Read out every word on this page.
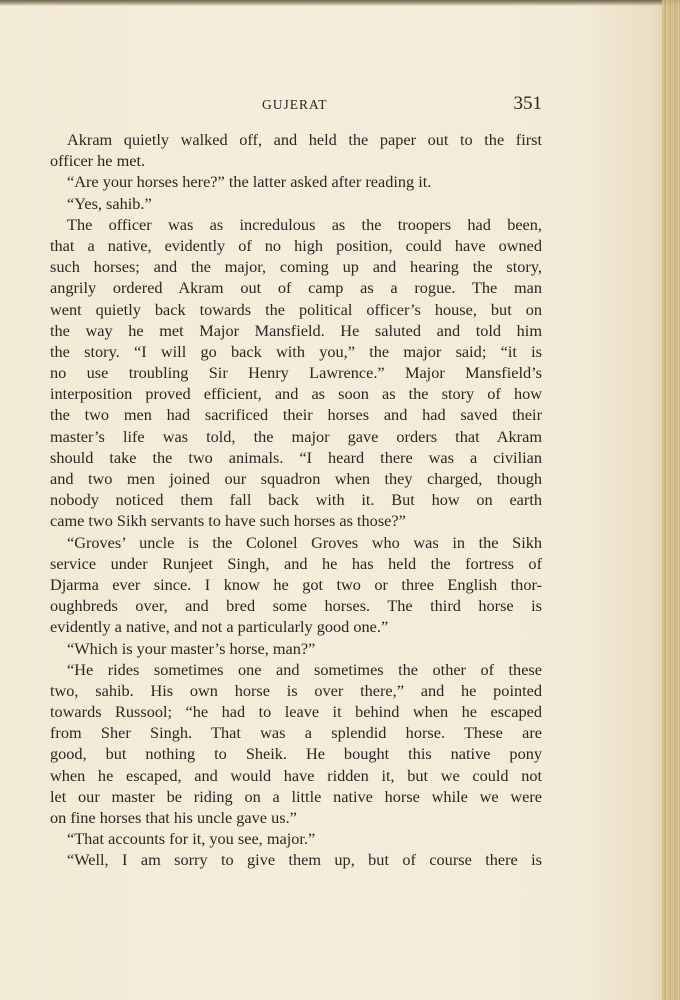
GUJERAT	351
Akram quietly walked off, and held the paper out to the first
officer he met.
“Are your horses here?” the latter asked after reading it.
“Yes, sahib.”
The officer was as incredulous as the troopers had been,
that a native, evidently of no high position, could have owned
such horses; and the major, coming up and hearing the story,
angrily ordered Akram out of camp as a rogue. The man
went quietly back towards the political officer’s house, but on
the way he met Major Mansfield. He saluted and told him
the story. “I will go back with you,” the major said; “it is
no use troubling Sir Henry Lawrence.” Major Mansfield’s
interposition proved efficient, and as soon as the story of how
the two men had sacrificed their horses and had saved their
master’s life was told, the major gave orders that Akram
should take the two animals. “I heard there was a civilian
and two men joined our squadron when they charged, though
nobody noticed them fall back with it. But how on earth
came two Sikh servants to have such horses as those?”
“Groves’ uncle is the Colonel Groves who was in the Sikh
service under Runjeet Singh, and he has held the fortress of
Djarma ever since. I know he got two or three English thor-
oughbreds over, and bred some horses. The third horse is
evidently a native, and not a particularly good one.”
“Which is your master’s horse, man?”
“He rides sometimes one and sometimes the other of these
two, sahib. His own horse is over there,” and he pointed
towards Russool; “he had to leave it behind when he escaped
from Sher Singh. That was a splendid horse. These are
good, but nothing to Sheik. He bought this native pony
when he escaped, and would have ridden it, but we could not
let our master be riding on a little native horse while we were
on fine horses that his uncle gave us.”
“That accounts for it, you see, major.”
“Well, I am sorry to give them up, but of course there is
